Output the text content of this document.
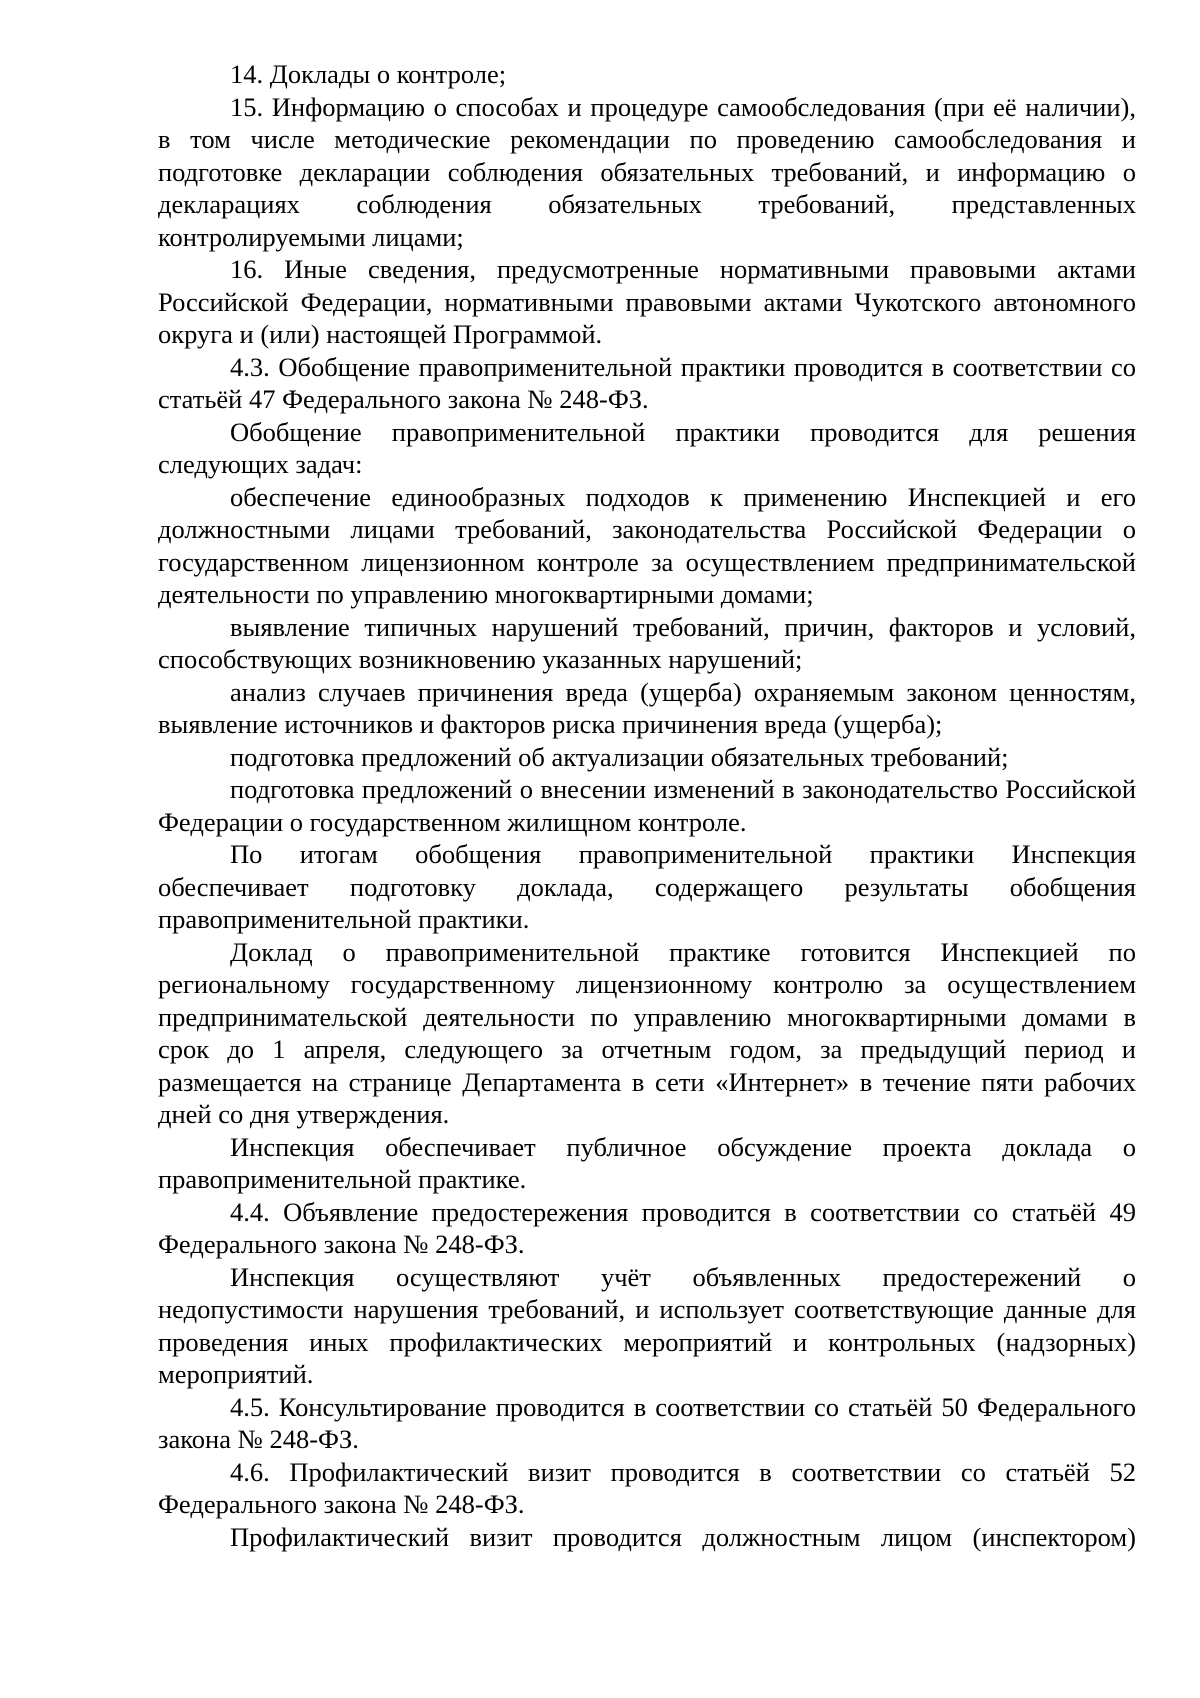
14. Доклады о контроле;

15. Информацию о способах и процедуре самообследования (при её наличии), в том числе методические рекомендации по проведению самообследования и подготовке декларации соблюдения обязательных требований, и информацию о декларациях соблюдения обязательных требований, представленных контролируемыми лицами;

16. Иные сведения, предусмотренные нормативными правовыми актами Российской Федерации, нормативными правовыми актами Чукотского автономного округа и (или) настоящей Программой.

4.3. Обобщение правоприменительной практики проводится в соответствии со статьёй 47 Федерального закона № 248-ФЗ.

Обобщение правоприменительной практики проводится для решения следующих задач:

обеспечение единообразных подходов к применению Инспекцией и его должностными лицами требований, законодательства Российской Федерации о государственном лицензионном контроле за осуществлением предпринимательской деятельности по управлению многоквартирными домами;

выявление типичных нарушений требований, причин, факторов и условий, способствующих возникновению указанных нарушений;

анализ случаев причинения вреда (ущерба) охраняемым законом ценностям, выявление источников и факторов риска причинения вреда (ущерба);

подготовка предложений об актуализации обязательных требований;

подготовка предложений о внесении изменений в законодательство Российской Федерации о государственном жилищном контроле.

По итогам обобщения правоприменительной практики Инспекция обеспечивает подготовку доклада, содержащего результаты обобщения правоприменительной практики.

Доклад о правоприменительной практике готовится Инспекцией по региональному государственному лицензионному контролю за осуществлением предпринимательской деятельности по управлению многоквартирными домами в срок до 1 апреля, следующего за отчетным годом, за предыдущий период и размещается на странице Департамента в сети «Интернет» в течение пяти рабочих дней со дня утверждения.

Инспекция обеспечивает публичное обсуждение проекта доклада о правоприменительной практике.

4.4. Объявление предостережения проводится в соответствии со статьёй 49 Федерального закона № 248-ФЗ.

Инспекция осуществляют учёт объявленных предостережений о недопустимости нарушения требований, и использует соответствующие данные для проведения иных профилактических мероприятий и контрольных (надзорных) мероприятий.

4.5. Консультирование проводится в соответствии со статьёй 50 Федерального закона № 248-ФЗ.

4.6. Профилактический визит проводится в соответствии со статьёй 52 Федерального закона № 248-ФЗ.

Профилактический визит проводится должностным лицом (инспектором)
